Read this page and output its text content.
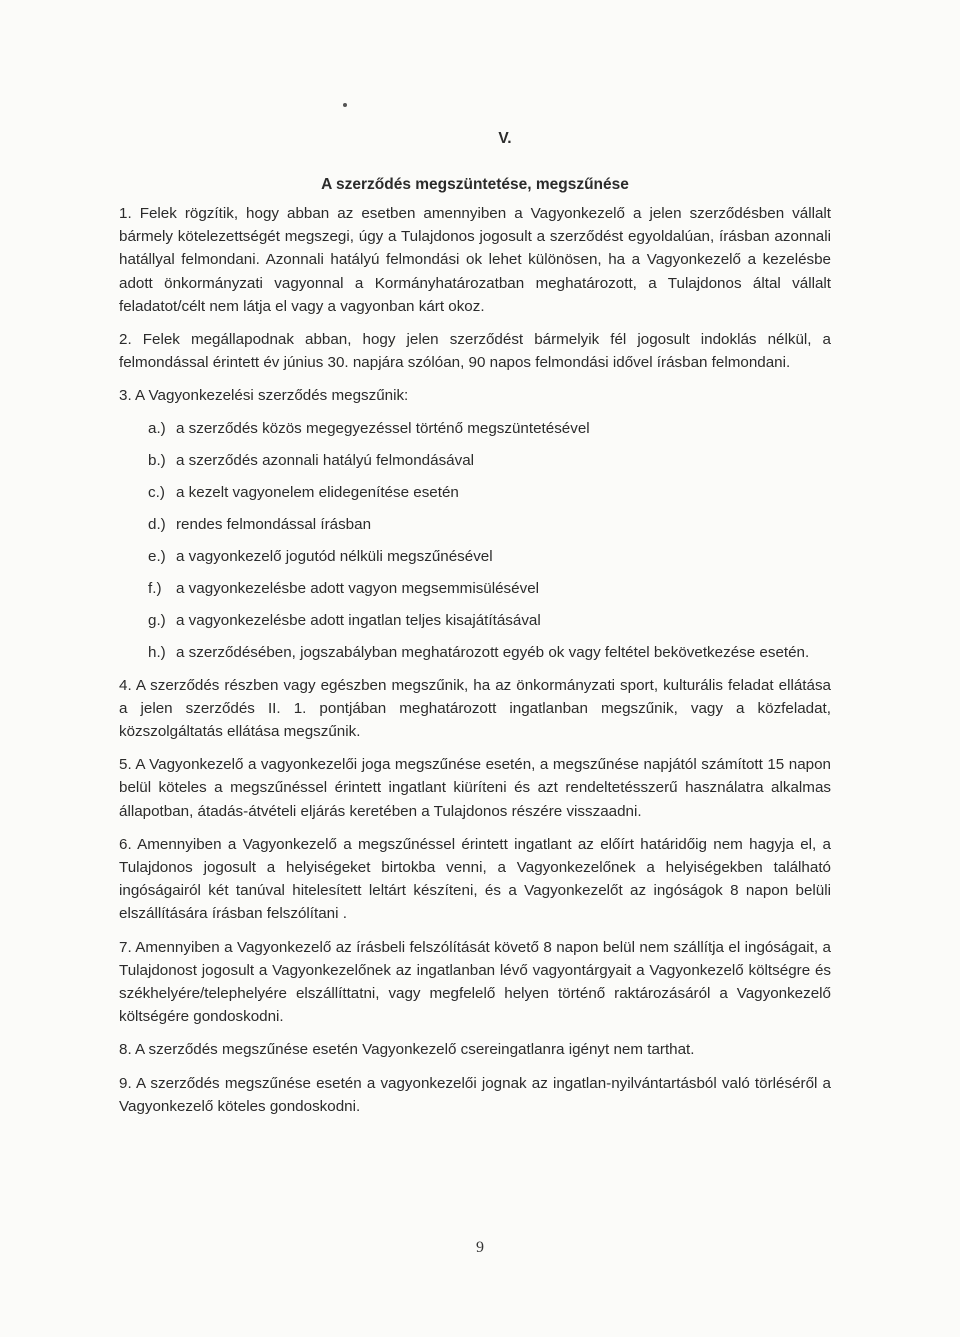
V.
A szerződés megszüntetése, megszűnése

1. Felek rögzítik, hogy abban az esetben amennyiben a Vagyonkezelő a jelen szerződésben vállalt bármely kötelezettségét megszegi, úgy a Tulajdonos jogosult a szerződést egyoldalúan, írásban azonnali hatállyal felmondani. Azonnali hatályú felmondási ok lehet különösen, ha a Vagyonkezelő a kezelésbe adott önkormányzati vagyonnal a Kormányhatározatban meghatározott, a Tulajdonos által vállalt feladatot/célt nem látja el vagy a vagyonban kárt okoz.

2. Felek megállapodnak abban, hogy jelen szerződést bármelyik fél jogosult indoklás nélkül, a felmondással érintett év június 30. napjára szólóan, 90 napos felmondási idővel írásban felmondani.

3. A Vagyonkezelési szerződés megszűnik:

a.) a szerződés közös megegyezéssel történő megszüntetésével
b.) a szerződés azonnali hatályú felmondásával
c.) a kezelt vagyonelem elidegenítése esetén
d.) rendes felmondással írásban
e.) a vagyonkezelő jogutód nélküli megszűnésével
f.) a vagyonkezelésbe adott vagyon megsemmisülésével
g.) a vagyonkezelésbe adott ingatlan teljes kisajátításával
h.) a szerződésében, jogszabályban meghatározott egyéb ok vagy feltétel bekövetkezése esetén.

4. A szerződés részben vagy egészben megszűnik, ha az önkormányzati sport, kulturális feladat ellátása a jelen szerződés II. 1. pontjában meghatározott ingatlanban megszűnik, vagy a közfeladat, közszolgáltatás ellátása megszűnik.

5. A Vagyonkezelő a vagyonkezelői joga megszűnése esetén, a megszűnése napjától számított 15 napon belül köteles a megszűnéssel érintett ingatlant kiüríteni és azt rendeltetésszerű használatra alkalmas állapotban, átadás-átvételi eljárás keretében a Tulajdonos részére visszaadni.

6. Amennyiben a Vagyonkezelő a megszűnéssel érintett ingatlant az előírt határidőig nem hagyja el, a Tulajdonos jogosult a helyiségeket birtokba venni, a Vagyonkezelőnek a helyiségekben található ingóságairól két tanúval hitelesített leltárt készíteni, és a Vagyonkezelőt az ingóságok 8 napon belüli elszállítására írásban felszólítani .

7. Amennyiben a Vagyonkezelő az írásbeli felszólítását követő 8 napon belül nem szállítja el ingóságait, a Tulajdonost jogosult a Vagyonkezelőnek az ingatlanban lévő vagyontárgyait a Vagyonkezelő költségre és székhelyére/telephelyére elszállíttatni, vagy megfelelő helyen történő raktározásáról a Vagyonkezelő költségére gondoskodni.

8. A szerződés megszűnése esetén Vagyonkezelő csereingatlanra igényt nem tarthat.

9. A szerződés megszűnése esetén a vagyonkezelői jognak az ingatlan-nyilvántartásból való törléséről a Vagyonkezelő köteles gondoskodni.

9
